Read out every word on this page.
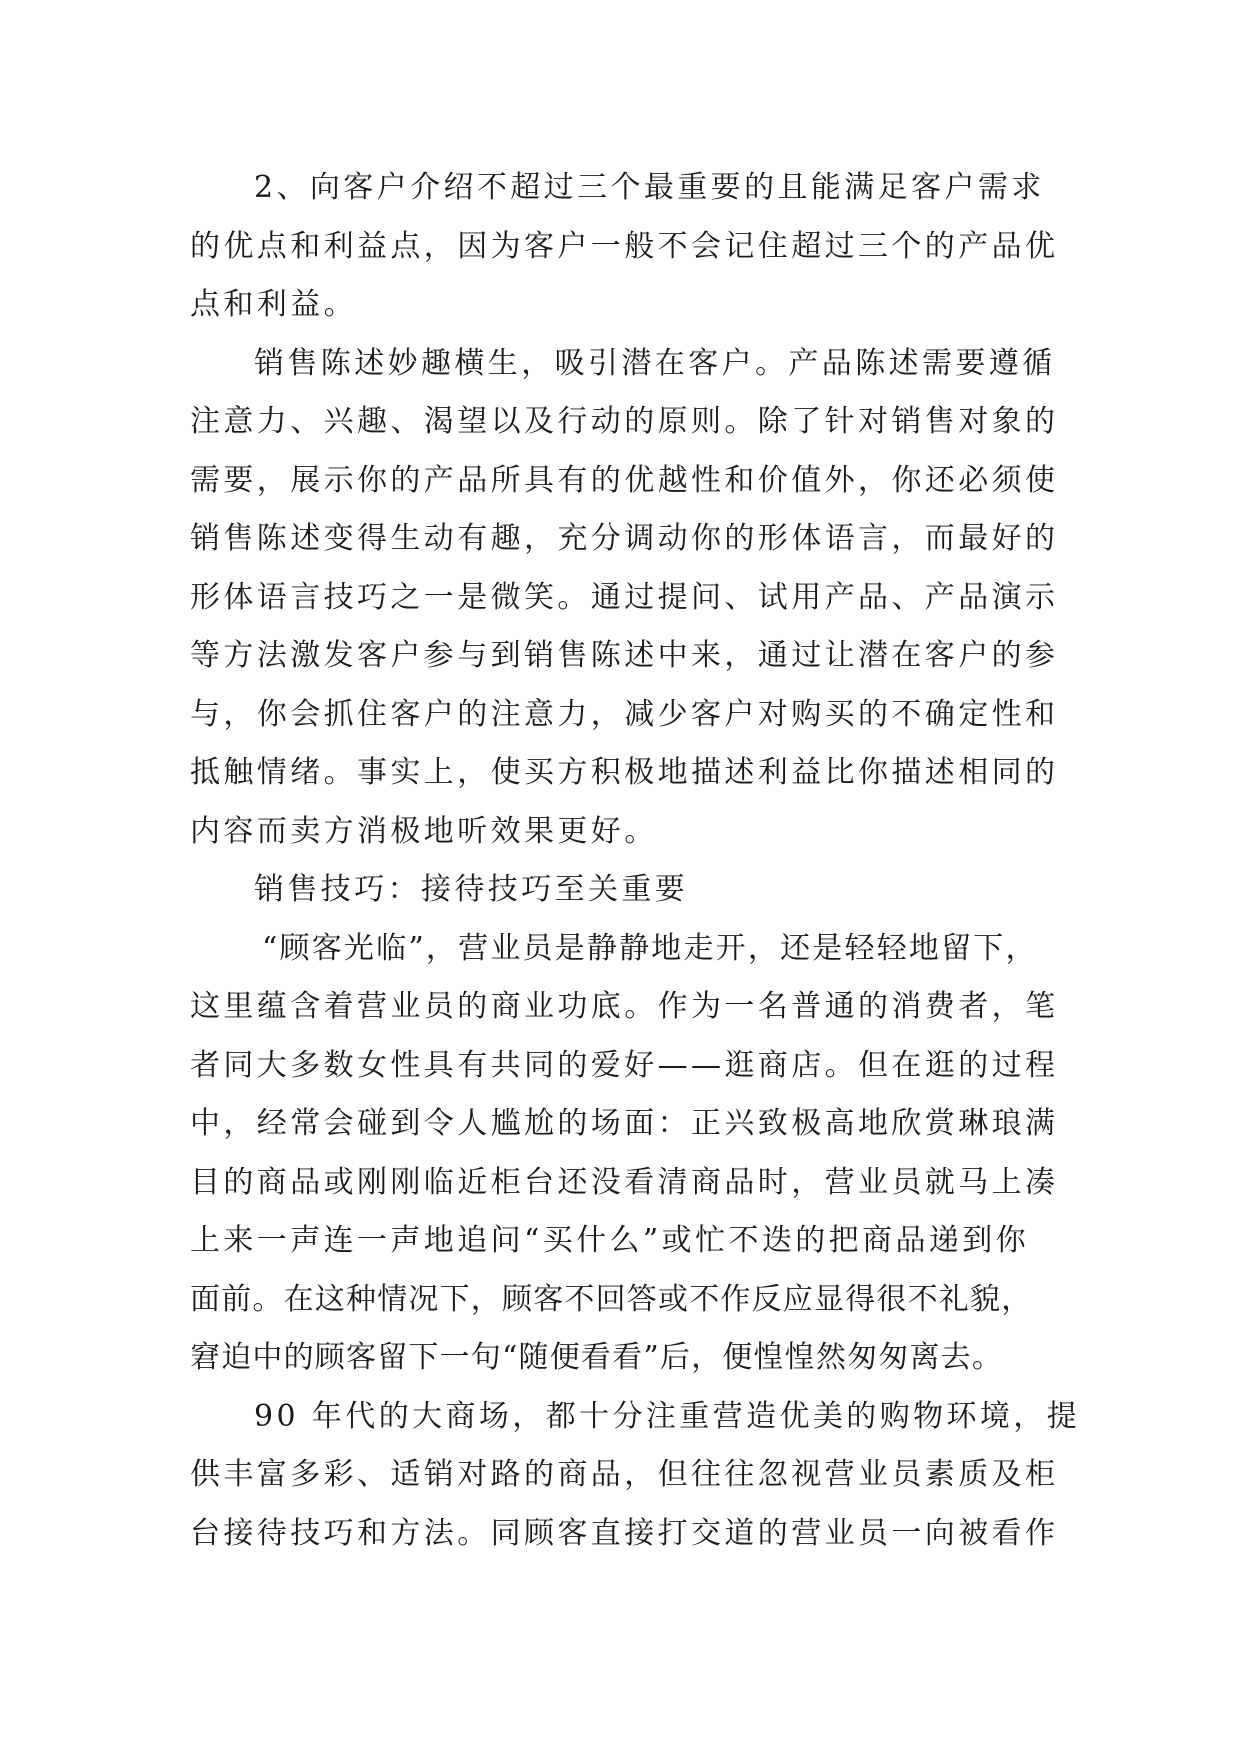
2、向客户介绍不超过三个最重要的且能满足客户需求
的优点和利益点，因为客户一般不会记住超过三个的产品优
点和利益。
销售陈述妙趣横生，吸引潜在客户。产品陈述需要遵循
注意力、兴趣、渴望以及行动的原则。除了针对销售对象的
需要，展示你的产品所具有的优越性和价值外，你还必须使
销售陈述变得生动有趣，充分调动你的形体语言，而最好的
形体语言技巧之一是微笑。通过提问、试用产品、产品演示
等方法激发客户参与到销售陈述中来，通过让潜在客户的参
与，你会抓住客户的注意力，减少客户对购买的不确定性和
抵触情绪。事实上，使买方积极地描述利益比你描述相同的
内容而卖方消极地听效果更好。
销售技巧：接待技巧至关重要
“顾客光临”，营业员是静静地走开，还是轻轻地留下，
这里蕴含着营业员的商业功底。作为一名普通的消费者，笔
者同大多数女性具有共同的爱好——逛商店。但在逛的过程
中，经常会碰到令人尴尬的场面：正兴致极高地欣赏琳琅满
目的商品或刚刚临近柜台还没看清商品时，营业员就马上凑
上来一声连一声地追问“买什么”或忙不迭的把商品递到你
面前。在这种情况下，顾客不回答或不作反应显得很不礼貌，
窘迫中的顾客留下一句“随便看看”后，便惶惶然匆匆离去。
90 年代的大商场，都十分注重营造优美的购物环境，提
供丰富多彩、适销对路的商品，但往往忽视营业员素质及柜
台接待技巧和方法。同顾客直接打交道的营业员一向被看作
